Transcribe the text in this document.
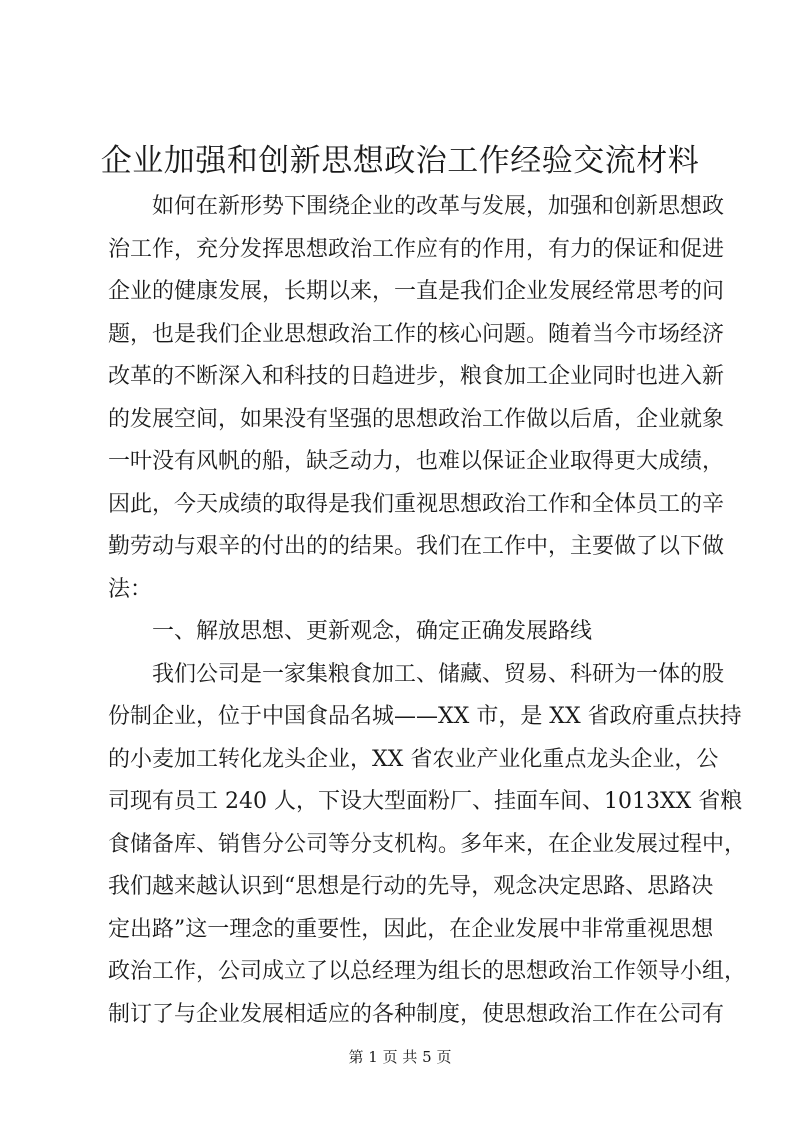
企业加强和创新思想政治工作经验交流材料
如何在新形势下围绕企业的改革与发展，加强和创新思想政
治工作，充分发挥思想政治工作应有的作用，有力的保证和促进
企业的健康发展，长期以来，一直是我们企业发展经常思考的问
题，也是我们企业思想政治工作的核心问题。随着当今市场经济
改革的不断深入和科技的日趋进步，粮食加工企业同时也进入新
的发展空间，如果没有坚强的思想政治工作做以后盾，企业就象
一叶没有风帆的船，缺乏动力，也难以保证企业取得更大成绩，
因此，今天成绩的取得是我们重视思想政治工作和全体员工的辛
勤劳动与艰辛的付出的的结果。我们在工作中，主要做了以下做
法：
一、解放思想、更新观念，确定正确发展路线
我们公司是一家集粮食加工、储藏、贸易、科研为一体的股
份制企业，位于中国食品名城——XX 市，是 XX 省政府重点扶持
的小麦加工转化龙头企业，XX 省农业产业化重点龙头企业，公
司现有员工 240 人，下设大型面粉厂、挂面车间、1013XX 省粮
食储备库、销售分公司等分支机构。多年来，在企业发展过程中，
我们越来越认识到“思想是行动的先导，观念决定思路、思路决
定出路”这一理念的重要性，因此，在企业发展中非常重视思想
政治工作，公司成立了以总经理为组长的思想政治工作领导小组，
制订了与企业发展相适应的各种制度，使思想政治工作在公司有
第 1 页 共 5 页
